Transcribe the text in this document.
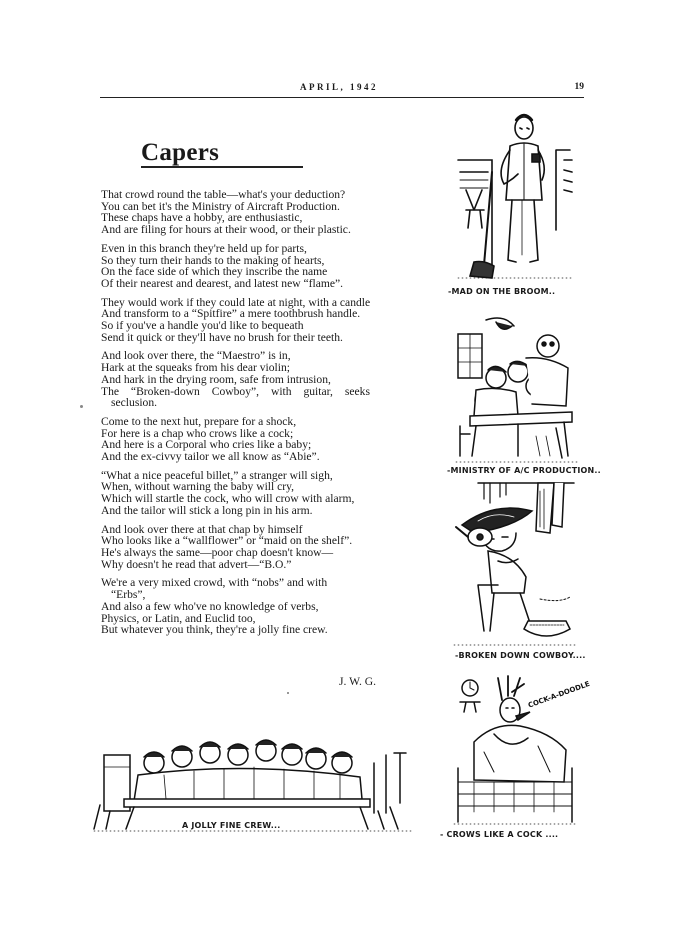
APRIL, 1942	19
Capers
That crowd round the table—what's your deduction?
You can bet it's the Ministry of Aircraft Production.
These chaps have a hobby, are enthusiastic,
And are filing for hours at their wood, or their plastic.
Even in this branch they're held up for parts,
So they turn their hands to the making of hearts,
On the face side of which they inscribe the name
Of their nearest and dearest, and latest new “flame”.
They would work if they could late at night, with a candle
And transform to a “Spitfire” a mere toothbrush handle.
So if you've a handle you'd like to bequeath
Send it quick or they'll have no brush for their teeth.
And look over there, the “Maestro” is in,
Hark at the squeaks from his dear violin;
And hark in the drying room, safe from intrusion,
The “Broken-down Cowboy”, with guitar, seeks seclusion.
Come to the next hut, prepare for a shock,
For here is a chap who crows like a cock;
And here is a Corporal who cries like a baby;
And the ex-civvy tailor we all know as “Abie”.
“What a nice peaceful billet,” a stranger will sigh,
When, without warning the baby will cry,
Which will startle the cock, who will crow with alarm,
And the tailor will stick a long pin in his arm.
And look over there at that chap by himself
Who looks like a “wallflower” or “maid on the shelf”.
He's always the same—poor chap doesn't know—
Why doesn't he read that advert—“B.O.”
We're a very mixed crowd, with “nobs” and with “Erbs”,
And also a few who've no knowledge of verbs,
Physics, or Latin, and Euclid too,
But whatever you think, they're a jolly fine crew.
J. W. G.
-MAD ON THE BROOM..
-MINISTRY OF A/C PRODUCTION..
-BROKEN DOWN COWBOY....
COCK-A-DOODLE
- CROWS LIKE A COCK ....
A JOLLY FINE CREW...
